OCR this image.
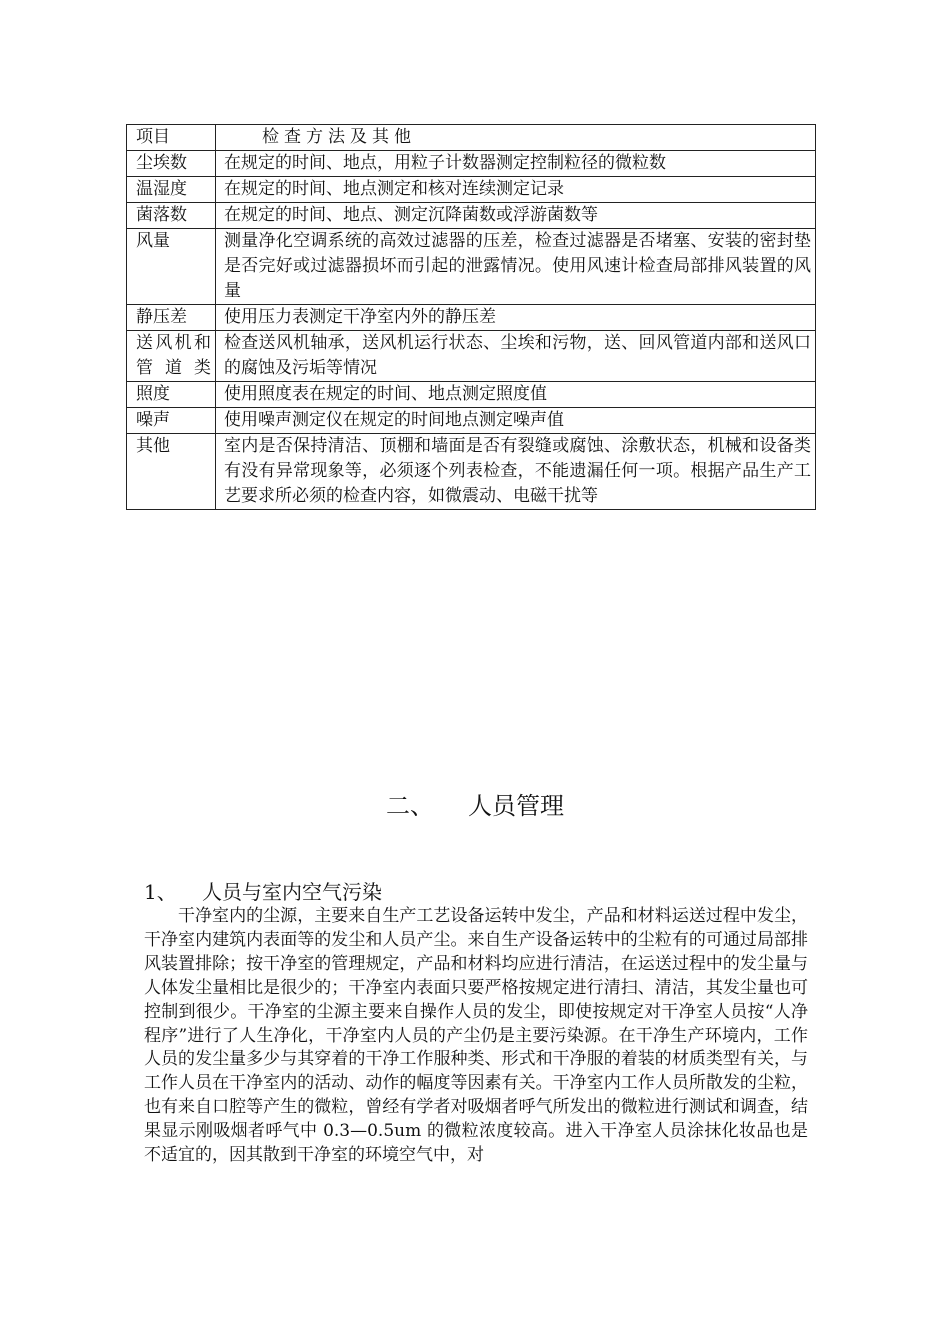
项目	检查方法及其他
尘埃数	在规定的时间、地点，用粒子计数器测定控制粒径的微粒数
温湿度	在规定的时间、地点测定和核对连续测定记录
菌落数	在规定的时间、地点、测定沉降菌数或浮游菌数等
风量	测量净化空调系统的高效过滤器的压差，检查过滤器是否堵塞、安装的密封垫是否完好或过滤器损坏而引起的泄露情况。使用风速计检查局部排风装置的风量
静压差	使用压力表测定干净室内外的静压差
送风机和管道类	检查送风机轴承，送风机运行状态、尘埃和污物，送、回风管道内部和送风口的腐蚀及污垢等情况
照度	使用照度表在规定的时间、地点测定照度值
噪声	使用噪声测定仪在规定的时间地点测定噪声值
其他	室内是否保持清洁、顶棚和墙面是否有裂缝或腐蚀、涂敷状态，机械和设备类有没有异常现象等，必须逐个列表检查，不能遗漏任何一项。根据产品生产工艺要求所必须的检查内容，如微震动、电磁干扰等
二、 人员管理
1、 人员与室内空气污染

干净室内的尘源，主要来自生产工艺设备运转中发尘，产品和材料运送过程中发尘，干净室内建筑内表面等的发尘和人员产尘。来自生产设备运转中的尘粒有的可通过局部排风装置排除；按干净室的管理规定，产品和材料均应进行清洁，在运送过程中的发尘量与人体发尘量相比是很少的；干净室内表面只要严格按规定进行清扫、清洁，其发尘量也可控制到很少。干净室的尘源主要来自操作人员的发尘，即使按规定对干净室人员按“人净程序”进行了人生净化，干净室内人员的产尘仍是主要污染源。在干净生产环境内，工作人员的发尘量多少与其穿着的干净工作服种类、形式和干净服的着装的材质类型有关，与工作人员在干净室内的活动、动作的幅度等因素有关。干净室内工作人员所散发的尘粒，也有来自口腔等产生的微粒，曾经有学者对吸烟者呼气所发出的微粒进行测试和调查，结果显示刚吸烟者呼气中 0.3—0.5um 的微粒浓度较高。进入干净室人员涂抹化妆品也是不适宜的，因其散到干净室的环境空气中，对
